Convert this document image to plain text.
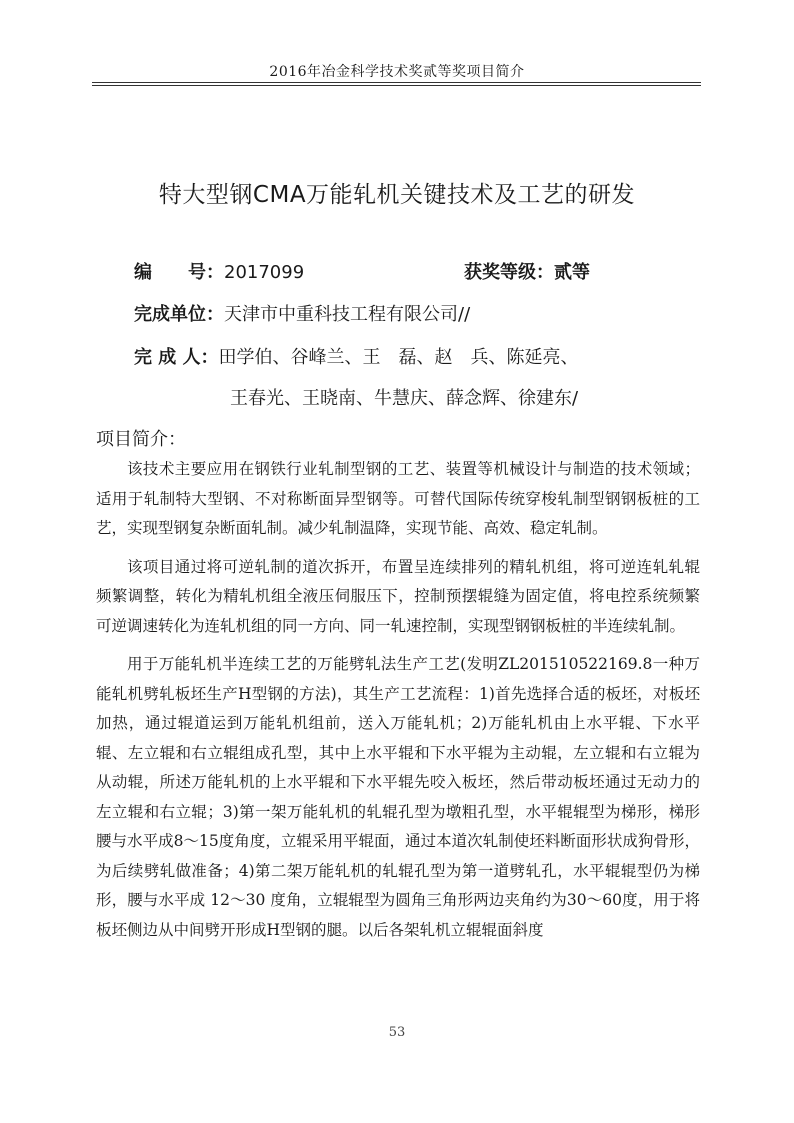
2016年冶金科学技术奖贰等奖项目简介
特大型钢CMA万能轧机关键技术及工艺的研发
编　　号：2017099	获奖等级：贰等
完成单位：天津市中重科技工程有限公司//
完 成 人：田学伯、谷峰兰、王　磊、赵　兵、陈延亮、
王春光、王晓南、牛慧庆、薛念辉、徐建东/
项目简介：

该技术主要应用在钢铁行业轧制型钢的工艺、装置等机械设计与制造的技术领域；适用于轧制特大型钢、不对称断面异型钢等。可替代国际传统穿梭轧制型钢钢板桩的工艺，实现型钢复杂断面轧制。减少轧制温降，实现节能、高效、稳定轧制。

该项目通过将可逆轧制的道次拆开，布置呈连续排列的精轧机组，将可逆连轧轧辊频繁调整，转化为精轧机组全液压伺服压下，控制预摆辊缝为固定值，将电控系统频繁可逆调速转化为连轧机组的同一方向、同一轧速控制，实现型钢钢板桩的半连续轧制。

用于万能轧机半连续工艺的万能劈轧法生产工艺(发明ZL201510522169.8一种万能轧机劈轧板坯生产H型钢的方法)，其生产工艺流程：1)首先选择合适的板坯，对板坯加热，通过辊道运到万能轧机组前，送入万能轧机；2)万能轧机由上水平辊、下水平辊、左立辊和右立辊组成孔型，其中上水平辊和下水平辊为主动辊，左立辊和右立辊为从动辊，所述万能轧机的上水平辊和下水平辊先咬入板坯，然后带动板坯通过无动力的左立辊和右立辊；3)第一架万能轧机的轧辊孔型为墩粗孔型，水平辊辊型为梯形，梯形腰与水平成8～15度角度，立辊采用平辊面，通过本道次轧制使坯料断面形状成狗骨形，为后续劈轧做准备；4)第二架万能轧机的轧辊孔型为第一道劈轧孔，水平辊辊型仍为梯形，腰与水平成 12～30 度角，立辊辊型为圆角三角形两边夹角约为30～60度，用于将板坯侧边从中间劈开形成H型钢的腿。以后各架轧机立辊辊面斜度

53
